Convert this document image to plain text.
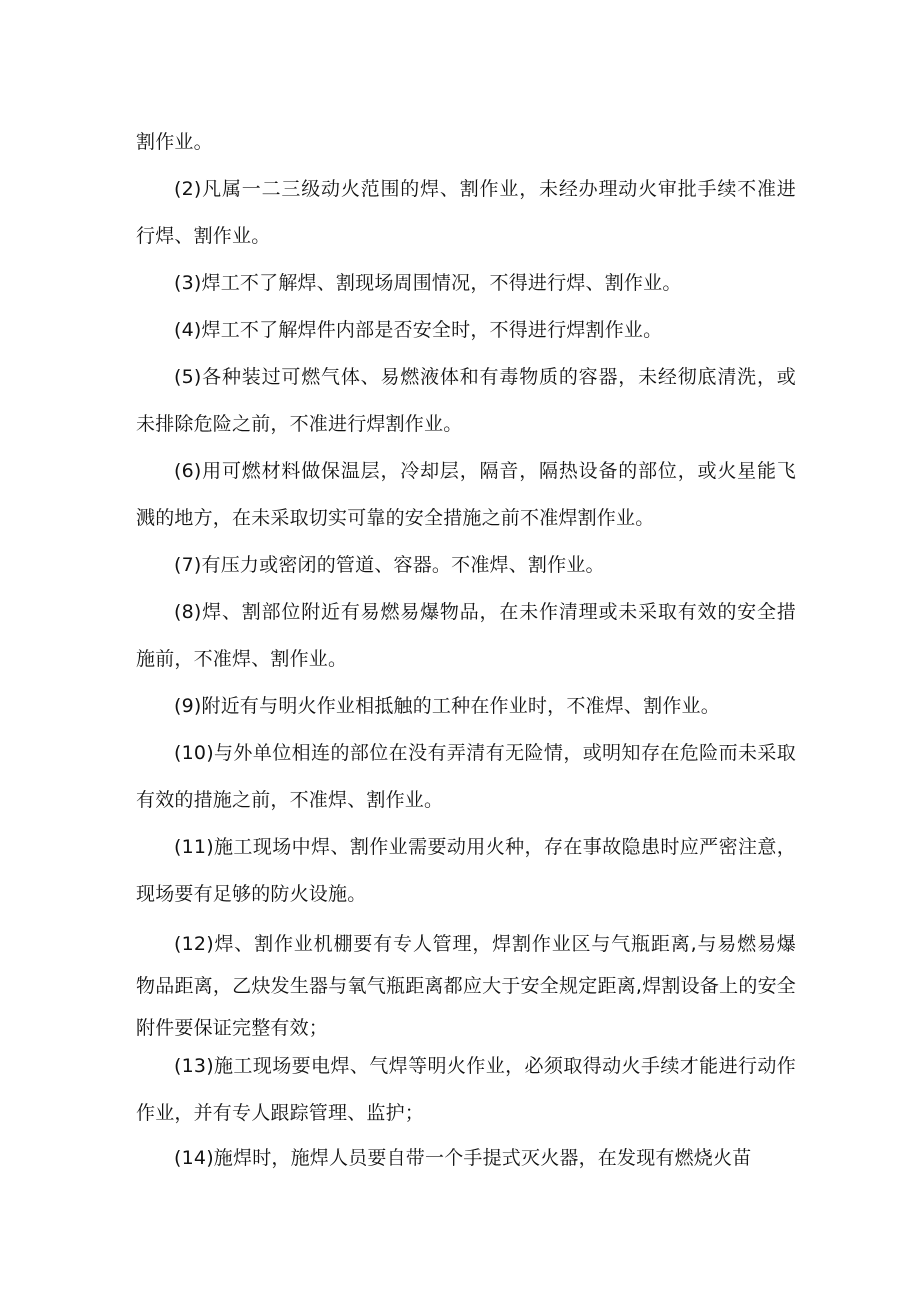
割作业。

(2)凡属一二三级动火范围的焊、割作业，未经办理动火审批手续不准进行焊、割作业。

(3)焊工不了解焊、割现场周围情况，不得进行焊、割作业。

(4)焊工不了解焊件内部是否安全时，不得进行焊割作业。

(5)各种装过可燃气体、易燃液体和有毒物质的容器，未经彻底清洗，或未排除危险之前，不准进行焊割作业。

(6)用可燃材料做保温层，冷却层，隔音，隔热设备的部位，或火星能飞溅的地方，在未采取切实可靠的安全措施之前不准焊割作业。

(7)有压力或密闭的管道、容器。不准焊、割作业。

(8)焊、割部位附近有易燃易爆物品，在未作清理或未采取有效的安全措施前，不准焊、割作业。

(9)附近有与明火作业相抵触的工种在作业时，不准焊、割作业。

(10)与外单位相连的部位在没有弄清有无险情，或明知存在危险而未采取有效的措施之前，不准焊、割作业。

(11)施工现场中焊、割作业需要动用火种，存在事故隐患时应严密注意，现场要有足够的防火设施。

(12)焊、割作业机棚要有专人管理，焊割作业区与气瓶距离,与易燃易爆物品距离，乙炔发生器与氧气瓶距离都应大于安全规定距离,焊割设备上的安全附件要保证完整有效；

(13)施工现场要电焊、气焊等明火作业，必须取得动火手续才能进行动作作业，并有专人跟踪管理、监护；

(14)施焊时，施焊人员要自带一个手提式灭火器，在发现有燃烧火苗
